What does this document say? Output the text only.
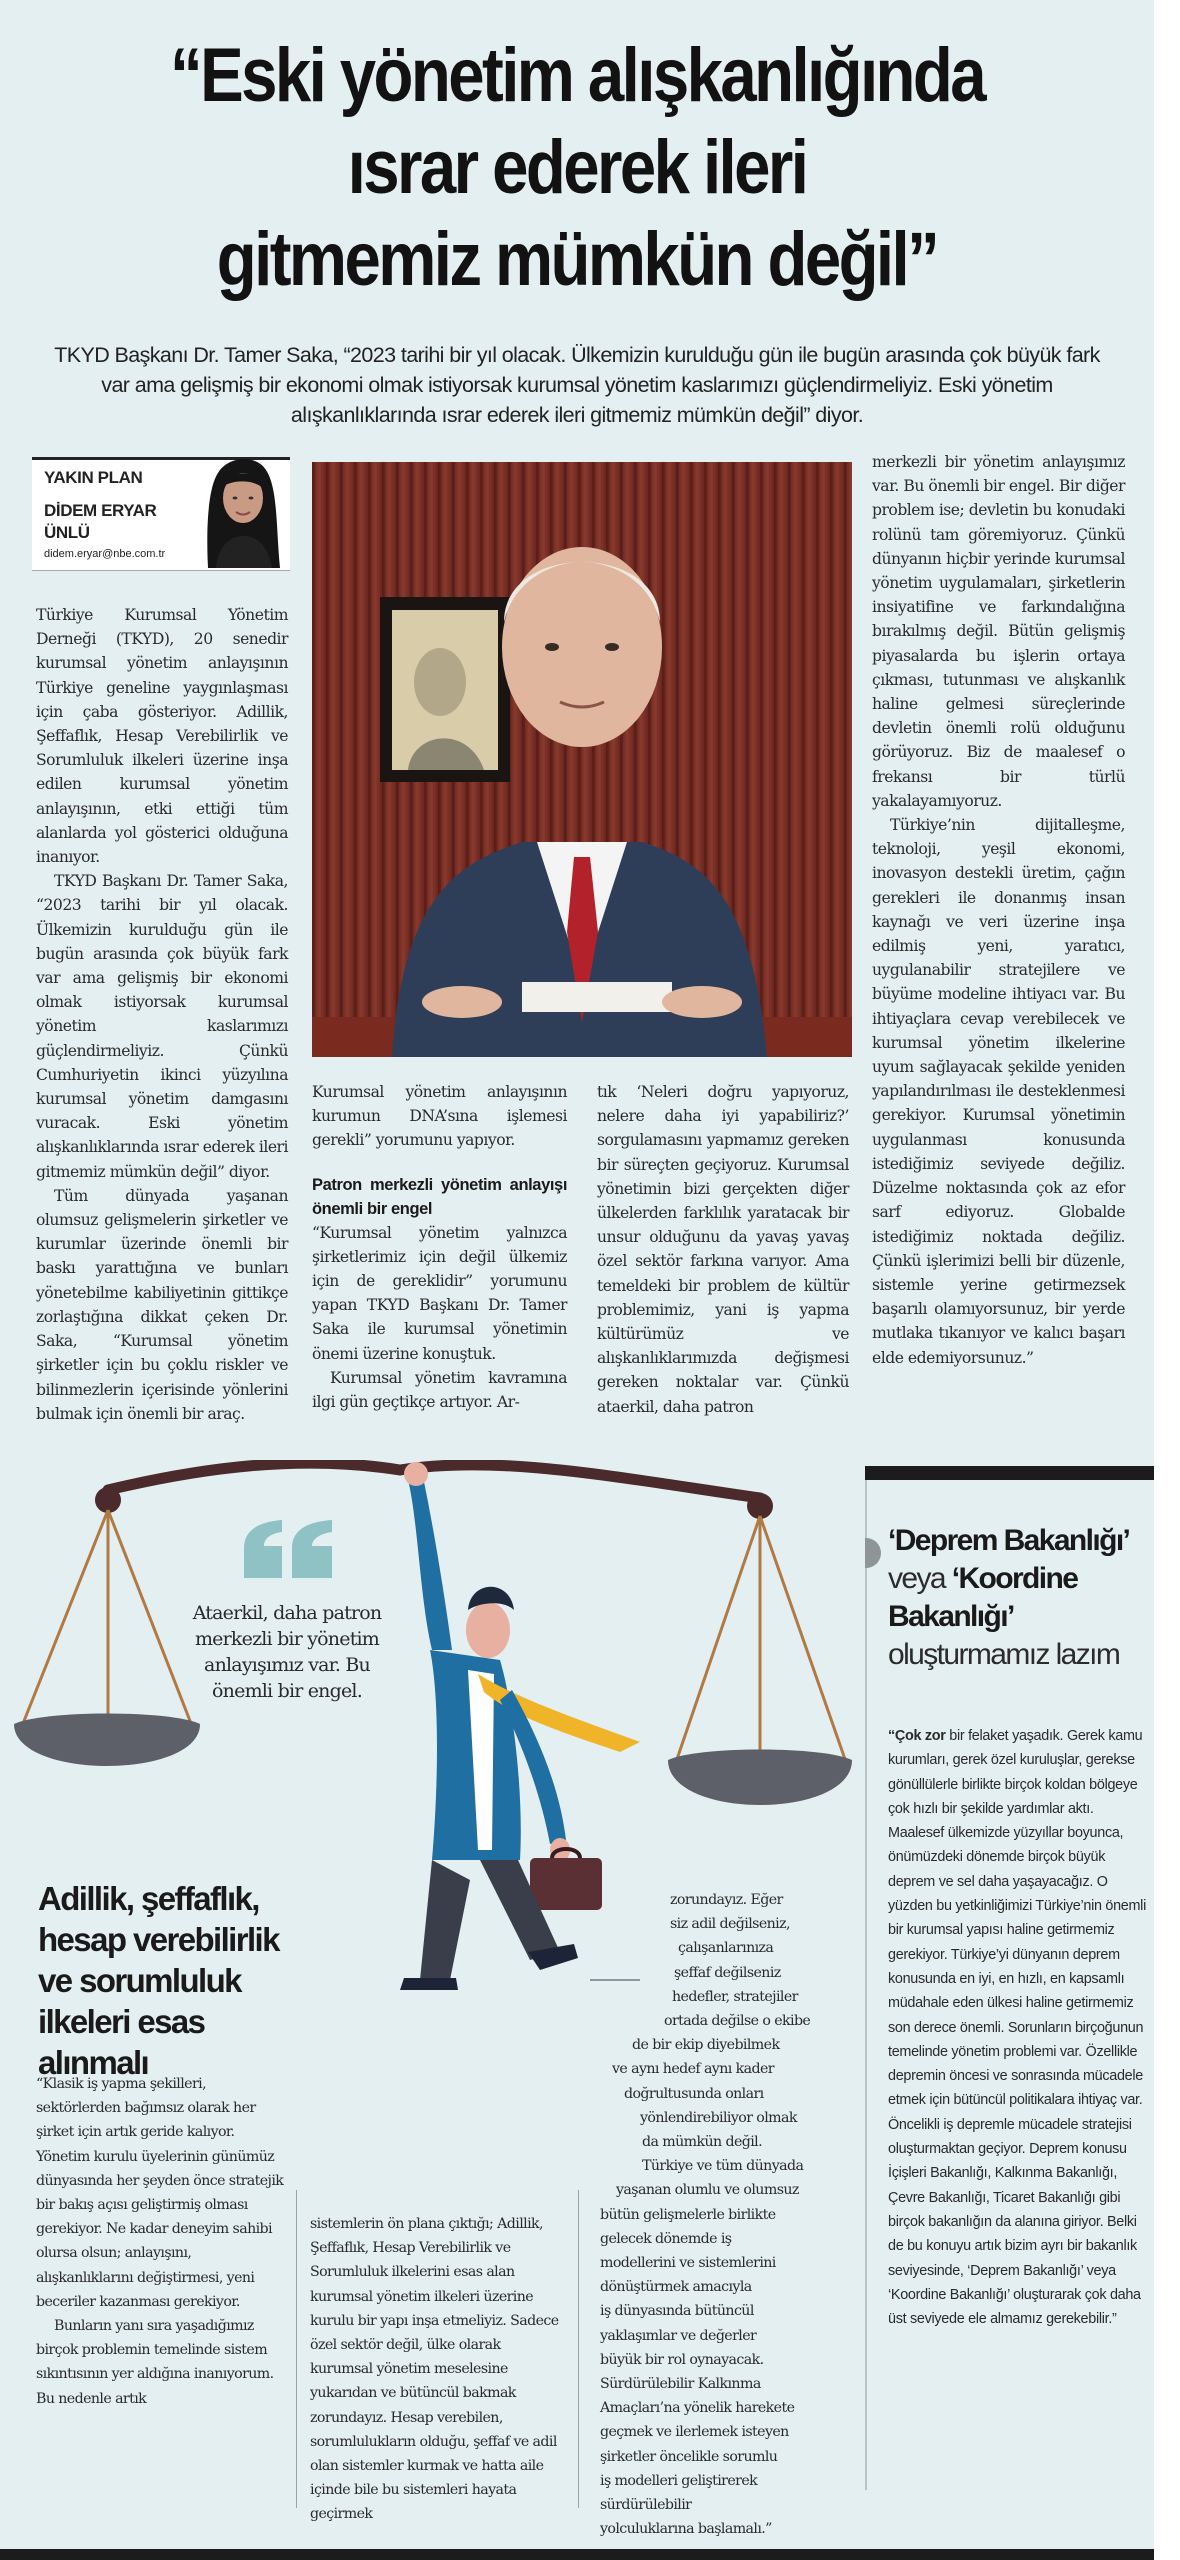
“Eski yönetim alışkanlığında
ısrar ederek ileri
gitmemiz mümkün değil”

TKYD Başkanı Dr. Tamer Saka, “2023 tarihi bir yıl olacak. Ülkemizin kurulduğu gün ile bugün arasında çok büyük fark var ama gelişmiş bir ekonomi olmak istiyorsak kurumsal yönetim kaslarımızı güçlendirmeliyiz. Eski yönetim alışkanlıklarında ısrar ederek ileri gitmemiz mümkün değil” diyor.

YAKIN PLAN
DİDEM ERYAR ÜNLÜ
didem.eryar@nbe.com.tr

Türkiye Kurumsal Yönetim Derneği (TKYD), 20 senedir kurumsal yönetim anlayışının Türkiye geneline yaygınlaşması için çaba gösteriyor. Adillik, Şeffaflık, Hesap Verebilirlik ve Sorumluluk ilkeleri üzerine inşa edilen kurumsal yönetim anlayışının, etki ettiği tüm alanlarda yol gösterici olduğuna inanıyor.

TKYD Başkanı Dr. Tamer Saka, “2023 tarihi bir yıl olacak. Ülkemizin kurulduğu gün ile bugün arasında çok büyük fark var ama gelişmiş bir ekonomi olmak istiyorsak kurumsal yönetim kaslarımızı güçlendirmeliyiz. Çünkü Cumhuriyetin ikinci yüzyılına kurumsal yönetim damgasını vuracak. Eski yönetim alışkanlıklarında ısrar ederek ileri gitmemiz mümkün değil” diyor.

Tüm dünyada yaşanan olumsuz gelişmelerin şirketler ve kurumlar üzerinde önemli bir baskı yarattığına ve bunları yönetebilme kabiliyetinin gittikçe zorlaştığına dikkat çeken Dr. Saka, “Kurumsal yönetim şirketler için bu çoklu riskler ve bilinmezlerin içerisinde yönlerini bulmak için önemli bir araç.

Kurumsal yönetim anlayışının kurumun DNA’sına işlemesi gerekli” yorumunu yapıyor.

Patron merkezli yönetim anlayışı önemli bir engel

“Kurumsal yönetim yalnızca şirketlerimiz için değil ülkemiz için de gereklidir” yorumunu yapan TKYD Başkanı Dr. Tamer Saka ile kurumsal yönetimin önemi üzerine konuştuk.

Kurumsal yönetim kavramına ilgi gün geçtikçe artıyor. Ar-

tık ‘Neleri doğru yapıyoruz, nelere daha iyi yapabiliriz?’ sorgulamasını yapmamız gereken bir süreçten geçiyoruz. Kurumsal yönetimin bizi gerçekten diğer ülkelerden farklılık yaratacak bir unsur olduğunu da yavaş yavaş özel sektör farkına varıyor. Ama temeldeki bir problem de kültür problemimiz, yani iş yapma kültürümüz ve alışkanlıklarımızda değişmesi gereken noktalar var. Çünkü ataerkil, daha patron

merkezli bir yönetim anlayışımız var. Bu önemli bir engel. Bir diğer problem ise; devletin bu konudaki rolünü tam göremiyoruz. Çünkü dünyanın hiçbir yerinde kurumsal yönetim uygulamaları, şirketlerin insiyatifine ve farkındalığına bırakılmış değil. Bütün gelişmiş piyasalarda bu işlerin ortaya çıkması, tutunması ve alışkanlık haline gelmesi süreçlerinde devletin önemli rolü olduğunu görüyoruz. Biz de maalesef o frekansı bir türlü yakalayamıyoruz.

Türkiye’nin dijitalleşme, teknoloji, yeşil ekonomi, inovasyon destekli üretim, çağın gerekleri ile donanmış insan kaynağı ve veri üzerine inşa edilmiş yeni, yaratıcı, uygulanabilir stratejilere ve büyüme modeline ihtiyacı var. Bu ihtiyaçlara cevap verebilecek ve kurumsal yönetim ilkelerine uyum sağlayacak şekilde yeniden yapılandırılması ile desteklenmesi gerekiyor. Kurumsal yönetimin uygulanması konusunda istediğimiz seviyede değiliz. Düzelme noktasında çok az efor sarf ediyoruz. Globalde istediğimiz noktada değiliz. Çünkü işlerimizi belli bir düzenle, sistemle yerine getirmezsek başarılı olamıyorsunuz, bir yerde mutlaka tıkanıyor ve kalıcı başarı elde edemiyorsunuz.”

Ataerkil, daha patron merkezli bir yönetim anlayışımız var. Bu önemli bir engel.
Adillik, şeffaflık, hesap verebilirlik ve sorumluluk ilkeleri esas alınmalı

“Klasik iş yapma şekilleri, sektörlerden bağımsız olarak her şirket için artık geride kalıyor. Yönetim kurulu üyelerinin günümüz dünyasında her şeyden önce stratejik bir bakış açısı geliştirmiş olması gerekiyor. Ne kadar deneyim sahibi olursa olsun; anlayışını, alışkanlıklarını değiştirmesi, yeni beceriler kazanması gerekiyor.

Bunların yanı sıra yaşadığımız birçok problemin temelinde sistem sıkıntısının yer aldığına inanıyorum. Bu nedenle artık

sistemlerin ön plana çıktığı; Adillik, Şeffaflık, Hesap Verebilirlik ve Sorumluluk ilkelerini esas alan kurumsal yönetim ilkeleri üzerine kurulu bir yapı inşa etmeliyiz. Sadece özel sektör değil, ülke olarak kurumsal yönetim meselesine yukarıdan ve bütüncül bakmak zorundayız. Hesap verebilen, sorumlulukların olduğu, şeffaf ve adil olan sistemler kurmak ve hatta aile içinde bile bu sistemleri hayata geçirmek

zorundayız. Eğer
siz adil değilseniz,
çalışanlarınıza
şeffaf değilseniz
hedefler, stratejiler
ortada değilse o ekibe
de bir ekip diyebilmek
ve aynı hedef aynı kader
doğrultusunda onları
yönlendirebiliyor olmak
da mümkün değil.
Türkiye ve tüm dünyada
yaşanan olumlu ve olumsuz
bütün gelişmelerle birlikte
gelecek dönemde iş
modellerini ve sistemlerini
dönüştürmek amacıyla
iş dünyasında bütüncül
yaklaşımlar ve değerler
büyük bir rol oynayacak.
Sürdürülebilir Kalkınma
Amaçları’na yönelik harekete
geçmek ve ilerlemek isteyen
şirketler öncelikle sorumlu
iş modelleri geliştirerek
sürdürülebilir
yolculuklarına başlamalı.”
‘Deprem Bakanlığı’
veya ‘Koordine Bakanlığı’
oluşturmamız lazım
“Çok zor bir felaket yaşadık. Gerek kamu kurumları, gerek özel kuruluşlar, gerekse gönüllülerle birlikte birçok koldan bölgeye çok hızlı bir şekilde yardımlar aktı. Maalesef ülkemizde yüzyıllar boyunca, önümüzdeki dönemde birçok büyük deprem ve sel daha yaşayacağız. O yüzden bu yetkinliğimizi Türkiye’nin önemli bir kurumsal yapısı haline getirmemiz gerekiyor. Türkiye’yi dünyanın deprem konusunda en iyi, en hızlı, en kapsamlı müdahale eden ülkesi haline getirmemiz son derece önemli. Sorunların birçoğunun temelinde yönetim problemi var. Özellikle depremin öncesi ve sonrasında mücadele etmek için bütüncül politikalara ihtiyaç var. Öncelikli iş depremle mücadele stratejisi oluşturmaktan geçiyor. Deprem konusu İçişleri Bakanlığı, Kalkınma Bakanlığı, Çevre Bakanlığı, Ticaret Bakanlığı gibi birçok bakanlığın da alanına giriyor. Belki de bu konuyu artık bizim ayrı bir bakanlık seviyesinde, ‘Deprem Bakanlığı’ veya ‘Koordine Bakanlığı’ oluşturarak çok daha üst seviyede ele almamız gerekebilir.”
